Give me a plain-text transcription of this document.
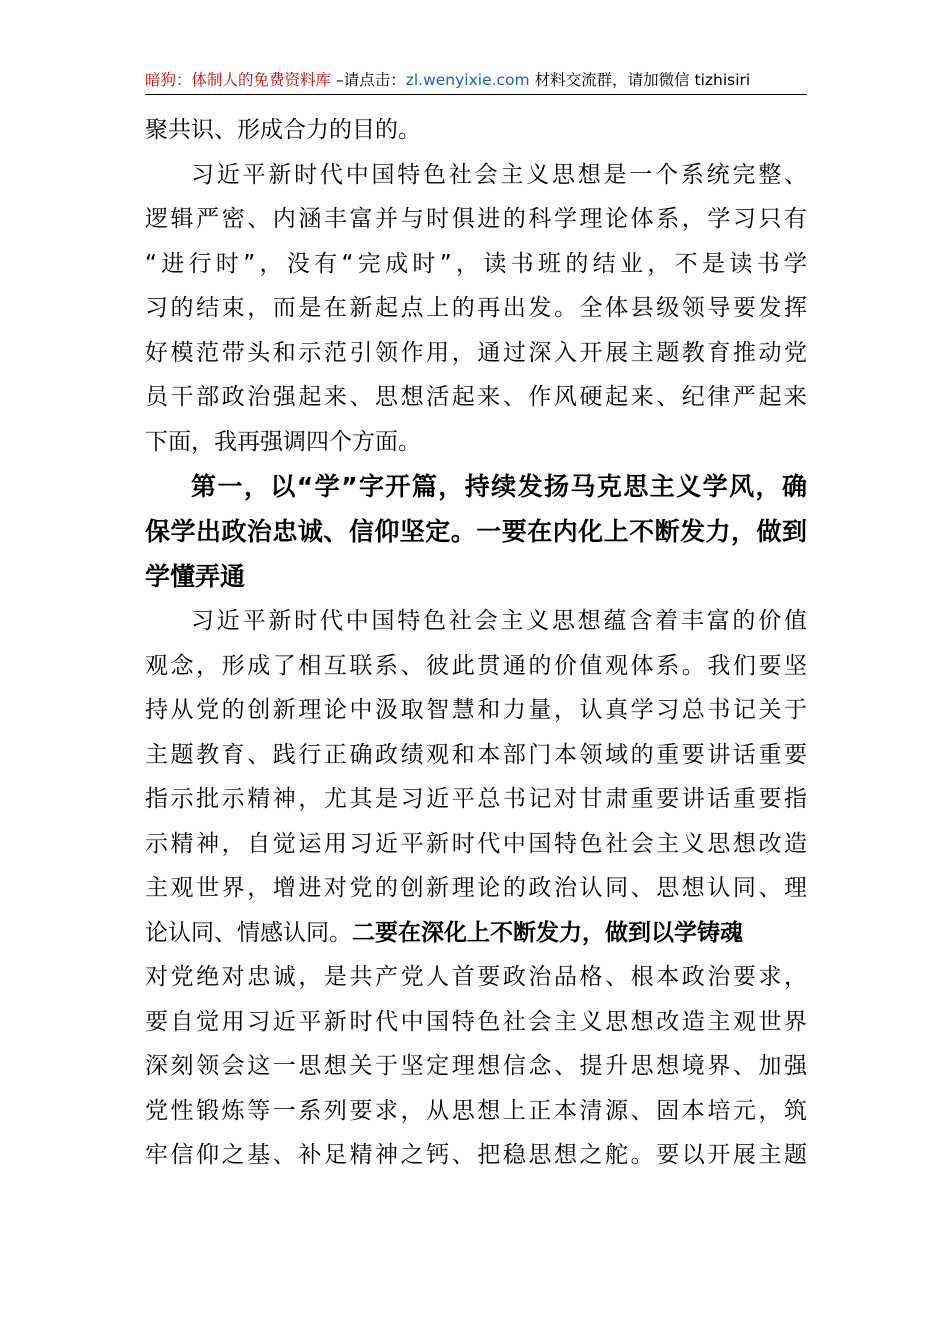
暗狗：体制人的免费资料库 –请点击：zl.wenyixie.com 材料交流群，请加微信 tizhisiri
聚共识、形成合力的目的。
习近平新时代中国特色社会主义思想是一个系统完整、
逻辑严密、内涵丰富并与时俱进的科学理论体系，学习只有
“进行时”，没有“完成时”，读书班的结业，不是读书学
习的结束，而是在新起点上的再出发。全体县级领导要发挥
好模范带头和示范引领作用，通过深入开展主题教育推动党
员干部政治强起来、思想活起来、作风硬起来、纪律严起来
下面，我再强调四个方面。
第一，以“学”字开篇，持续发扬马克思主义学风，确
保学出政治忠诚、信仰坚定。一要在内化上不断发力，做到
学懂弄通
习近平新时代中国特色社会主义思想蕴含着丰富的价值
观念，形成了相互联系、彼此贯通的价值观体系。我们要坚
持从党的创新理论中汲取智慧和力量，认真学习总书记关于
主题教育、践行正确政绩观和本部门本领域的重要讲话重要
指示批示精神，尤其是习近平总书记对甘肃重要讲话重要指
示精神，自觉运用习近平新时代中国特色社会主义思想改造
主观世界，增进对党的创新理论的政治认同、思想认同、理
论认同、情感认同。二要在深化上不断发力，做到以学铸魂
对党绝对忠诚，是共产党人首要政治品格、根本政治要求，
要自觉用习近平新时代中国特色社会主义思想改造主观世界
深刻领会这一思想关于坚定理想信念、提升思想境界、加强
党性锻炼等一系列要求，从思想上正本清源、固本培元，筑
牢信仰之基、补足精神之钙、把稳思想之舵。要以开展主题
